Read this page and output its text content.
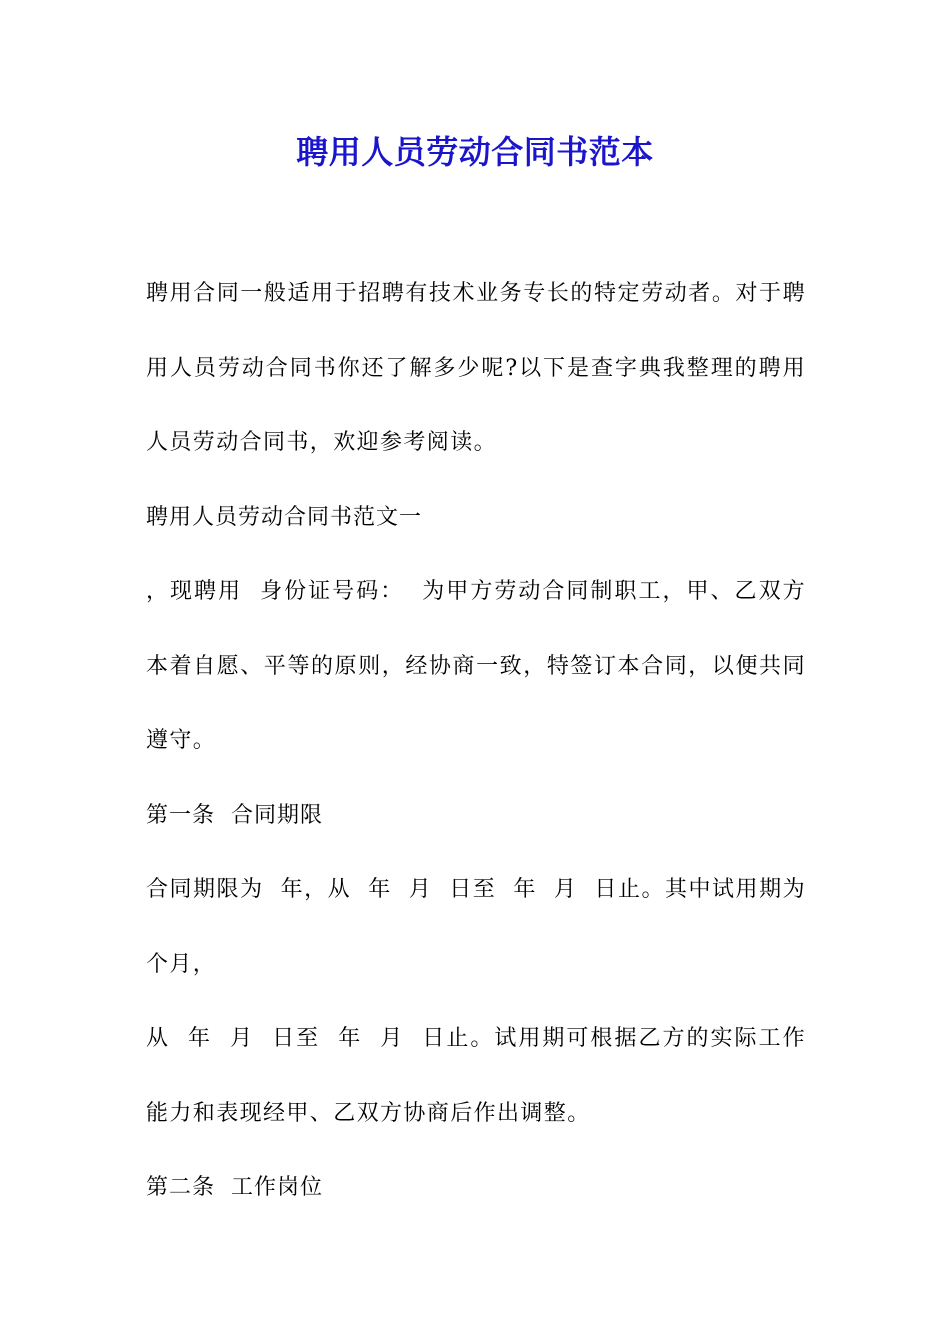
聘用人员劳动合同书范本

聘用合同一般适用于招聘有技术业务专长的特定劳动者。对于聘用人员劳动合同书你还了解多少呢?以下是查字典我整理的聘用人员劳动合同书，欢迎参考阅读。

聘用人员劳动合同书范文一

，现聘用  身份证号码：  为甲方劳动合同制职工，甲、乙双方本着自愿、平等的原则，经协商一致，特签订本合同，以便共同遵守。

第一条  合同期限

合同期限为  年，从  年  月  日至  年  月  日止。其中试用期为个月，

从  年  月  日至  年  月  日止。试用期可根据乙方的实际工作能力和表现经甲、乙双方协商后作出调整。

第二条  工作岗位
